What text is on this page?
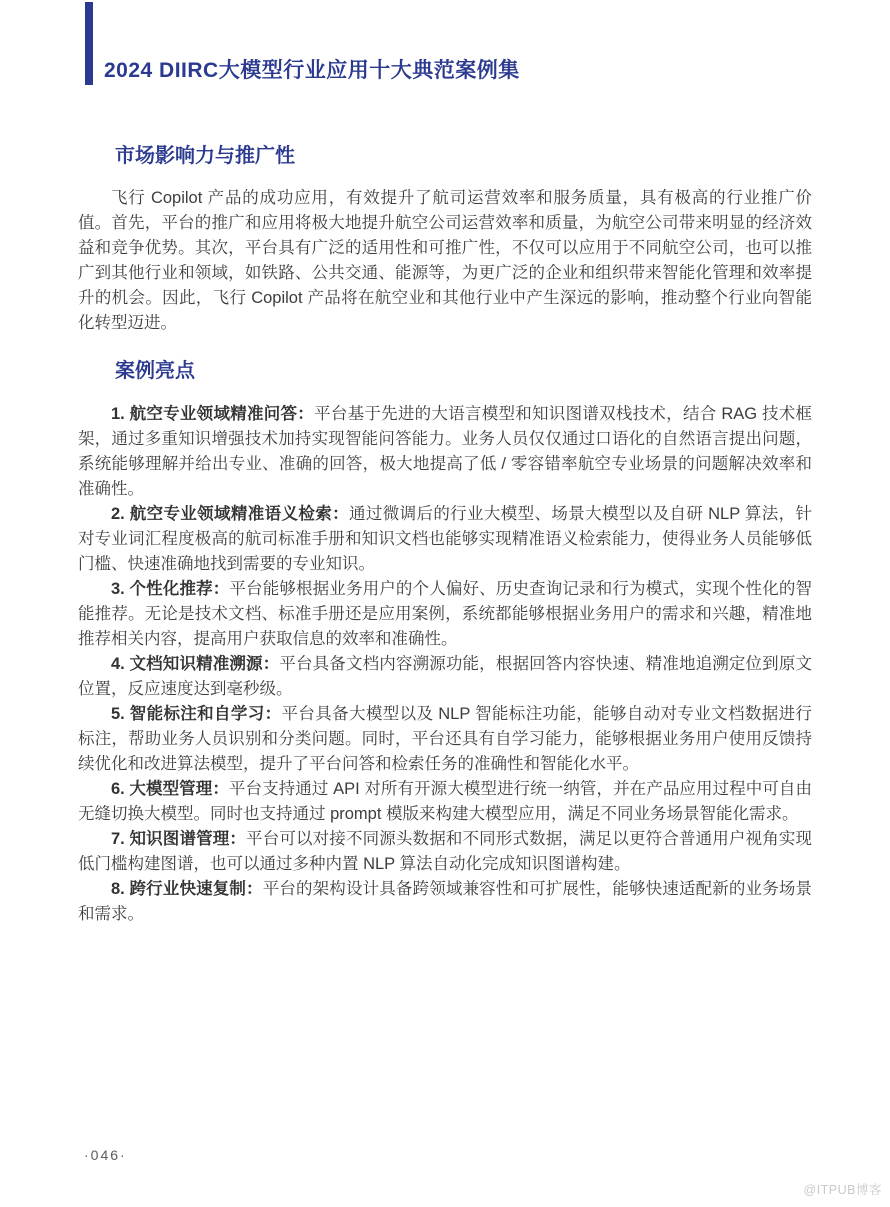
2024 DIIRC大模型行业应用十大典范案例集
市场影响力与推广性

飞行 Copilot 产品的成功应用，有效提升了航司运营效率和服务质量，具有极高的行业推广价值。首先，平台的推广和应用将极大地提升航空公司运营效率和质量，为航空公司带来明显的经济效益和竞争优势。其次，平台具有广泛的适用性和可推广性，不仅可以应用于不同航空公司，也可以推广到其他行业和领域，如铁路、公共交通、能源等，为更广泛的企业和组织带来智能化管理和效率提升的机会。因此，飞行 Copilot 产品将在航空业和其他行业中产生深远的影响，推动整个行业向智能化转型迈进。

案例亮点

1. 航空专业领域精准问答：平台基于先进的大语言模型和知识图谱双栈技术，结合 RAG 技术框架，通过多重知识增强技术加持实现智能问答能力。业务人员仅仅通过口语化的自然语言提出问题，系统能够理解并给出专业、准确的回答，极大地提高了低 / 零容错率航空专业场景的问题解决效率和准确性。

2. 航空专业领域精准语义检索：通过微调后的行业大模型、场景大模型以及自研 NLP 算法，针对专业词汇程度极高的航司标准手册和知识文档也能够实现精准语义检索能力，使得业务人员能够低门槛、快速准确地找到需要的专业知识。

3. 个性化推荐：平台能够根据业务用户的个人偏好、历史查询记录和行为模式，实现个性化的智能推荐。无论是技术文档、标准手册还是应用案例，系统都能够根据业务用户的需求和兴趣，精准地推荐相关内容，提高用户获取信息的效率和准确性。

4. 文档知识精准溯源：平台具备文档内容溯源功能，根据回答内容快速、精准地追溯定位到原文位置，反应速度达到毫秒级。

5. 智能标注和自学习：平台具备大模型以及 NLP 智能标注功能，能够自动对专业文档数据进行标注，帮助业务人员识别和分类问题。同时，平台还具有自学习能力，能够根据业务用户使用反馈持续优化和改进算法模型，提升了平台问答和检索任务的准确性和智能化水平。

6. 大模型管理：平台支持通过 API 对所有开源大模型进行统一纳管，并在产品应用过程中可自由无缝切换大模型。同时也支持通过 prompt 模版来构建大模型应用，满足不同业务场景智能化需求。

7. 知识图谱管理：平台可以对接不同源头数据和不同形式数据，满足以更符合普通用户视角实现低门槛构建图谱，也可以通过多种内置 NLP 算法自动化完成知识图谱构建。

8. 跨行业快速复制：平台的架构设计具备跨领域兼容性和可扩展性，能够快速适配新的业务场景和需求。

·046·
@ITPUB博客
